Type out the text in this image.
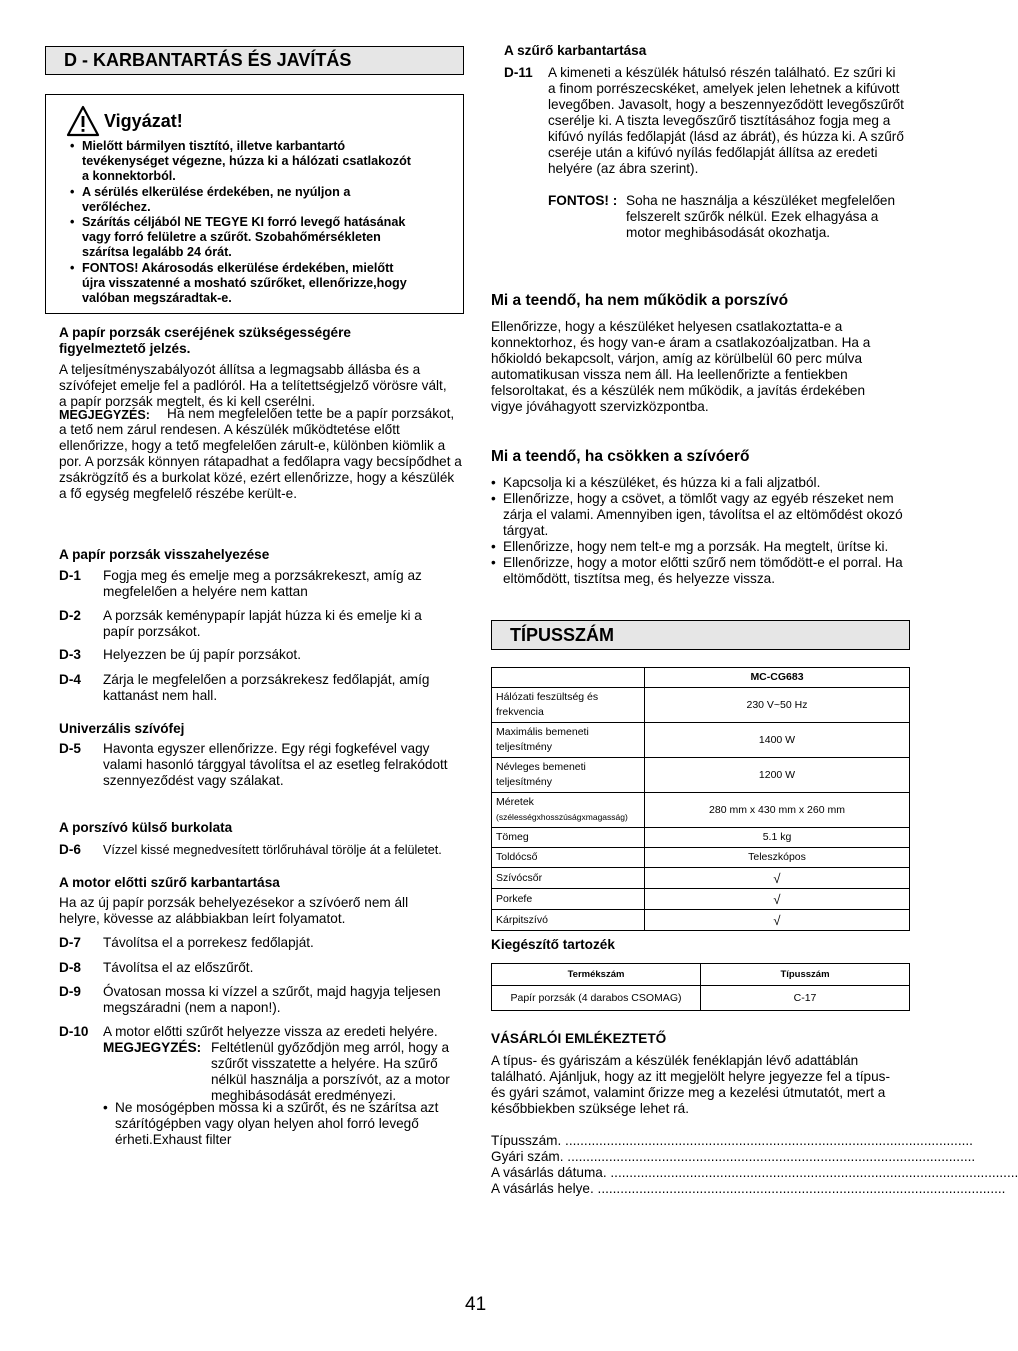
D - KARBANTARTÁS ÉS JAVÍTÁS
Vigyázat!
• Mielőtt bármilyen tisztító, illetve karbantartó tevékenységet végezne, húzza ki a hálózati csatlakozót a konnektorból.
• A sérülés elkerülése érdekében, ne nyúljon a verőléchez.
• Szárítás céljából NE TEGYE KI forró levegő hatásának vagy forró felületre a szűrőt. Szobahőmérsékleten szárítsa legalább 24 órát.
• FONTOS! Akárosodás elkerülése érdekében, mielőtt újra visszatenné a mosható szűrőket, ellenőrizze,hogy valóban megszáradtak-e.
A papír porzsák cseréjének szükségességére figyelmeztető jelzés.
A teljesítményszabályozót állítsa a legmagsabb állásba és a szívófejet emelje fel a padlóról. Ha a telítettségjelző vörösre vált, a papír porzsák megtelt, és ki kell cserélni.
MEGJEGYZÉS:	Ha nem megfelelően tette be a papír porzsákot, a tető nem zárul rendesen. A készülék működtetése előtt ellenőrizze, hogy a tető megfelelően zárult-e, különben kiömlik a por. A porzsák könnyen rátapadhat a fedőlapra vagy becsípődhet a zsákrögzítő és a burkolat közé, ezért ellenőrizze, hogy a készülék a fő egység megfelelő részébe került-e.
A papír porzsák visszahelyezése
D-1	Fogja meg és emelje meg a porzsákrekeszt, amíg az megfelelően a helyére nem kattan
D-2	A porzsák keménypapír lapját húzza ki és emelje ki a papír porzsákot.
D-3	Helyezzen be új papír porzsákot.
D-4	Zárja le megfelelően a porzsákrekesz fedőlapját, amíg kattanást nem hall.
Univerzális szívófej
D-5	Havonta egyszer ellenőrizze. Egy régi fogkefével vagy valami hasonló tárggyal távolítsa el az esetleg felrakódott szennyeződést vagy szálakat.
A porszívó külső burkolata
D-6	Vízzel kissé megnedvesített törlőruhával törölje át a felületet.
A motor előtti szűrő karbantartása
Ha az új papír porzsák behelyezésekor a szívóerő nem áll helyre, kövesse az alábbiakban leírt folyamatot.
D-7	Távolítsa el a porrekesz fedőlapját.
D-8	Távolítsa el az előszűrőt.
D-9	Óvatosan mossa ki vízzel a szűrőt, majd hagyja teljesen megszáradni (nem a napon!).
D-10	A motor előtti szűrőt helyezze vissza az eredeti helyére.
MEGJEGYZÉS: Feltétlenül győződjön meg arról, hogy a szűrőt visszatette a helyére. Ha szűrő nélkül használja a porszívót, az a motor meghibásodását eredményezi.
• Ne mosógépben mossa ki a szűrőt, és ne szárítsa azt szárítógépben vagy olyan helyen ahol forró levegő érheti.Exhaust filter
A szűrő karbantartása
D-11	A kimeneti a készülék hátulsó részén található. Ez szűri ki a finom porrészecskéket, amelyek jelen lehetnek a kifúvott levegőben. Javasolt, hogy a beszennyeződött levegőszűrőt cserélje ki. A tiszta levegőszűrő tisztításához fogja meg a kifúvó nyílás fedőlapját (lásd az ábrát), és húzza ki. A szűrő cseréje után a kifúvó nyílás fedőlapját állítsa az eredeti helyére (az ábra szerint).
FONTOS! : Soha ne használja a készüléket megfelelően felszerelt szűrők nélkül. Ezek elhagyása a motor meghibásodását okozhatja.
Mi a teendő, ha nem működik a porszívó
Ellenőrizze, hogy a készüléket helyesen csatlakoztatta-e a konnektorhoz, és hogy van-e áram a csatlakozóaljzatban. Ha a hőkioldó bekapcsolt, várjon, amíg az körülbelül 60 perc múlva automatikusan vissza nem áll. Ha leellenőrizte a fentiekben felsoroltakat, és a készülék nem működik, a javítás érdekében vigye jóváhagyott szervizközpontba.
Mi a teendő, ha csökken a szívóerő
• Kapcsolja ki a készüléket, és húzza ki a fali aljzatból.
• Ellenőrizze, hogy a csövet, a tömlőt vagy az egyéb részeket nem zárja el valami. Amennyiben igen, távolítsa el az eltömődést okozó tárgyat.
• Ellenőrizze, hogy nem telt-e mg a porzsák. Ha megtelt, ürítse ki.
• Ellenőrizze, hogy a motor előtti szűrő nem tömődött-e el porral. Ha eltömődött, tisztítsa meg, és helyezze vissza.
TÍPUSSZÁM
	MC-CG683
Hálózati feszültség és frekvencia	230 V~50 Hz
Maximális bemeneti teljesítmény	1400 W
Névleges bemeneti teljesítmény	1200 W
Méretek
(szélességxhosszúságxmagasság)	280 mm x 430 mm x 260 mm
Tömeg	5.1 kg
Toldócső	Teleszkópos
Szívócsőr	√
Porkefe	√
Kárpitszívó	√
Kiegészítő tartozék
Termékszám	Típusszám
Papír porzsák (4 darabos CSOMAG)	C-17
VÁSÁRLÓI EMLÉKEZTETŐ
A típus- és gyáriszám a készülék fenéklapján lévő adattáblán található. Ajánljuk, hogy az itt megjelölt helyre jegyezze fel a típus- és gyári számot, valamint őrizze meg a kezelési útmutatót, mert a későbbiekben szüksége lehet rá.
Típusszám. ............................................................................................................
Gyári szám. ............................................................................................................
A vásárlás dátuma. ............................................................................................................
A vásárlás helye. ............................................................................................................
41
